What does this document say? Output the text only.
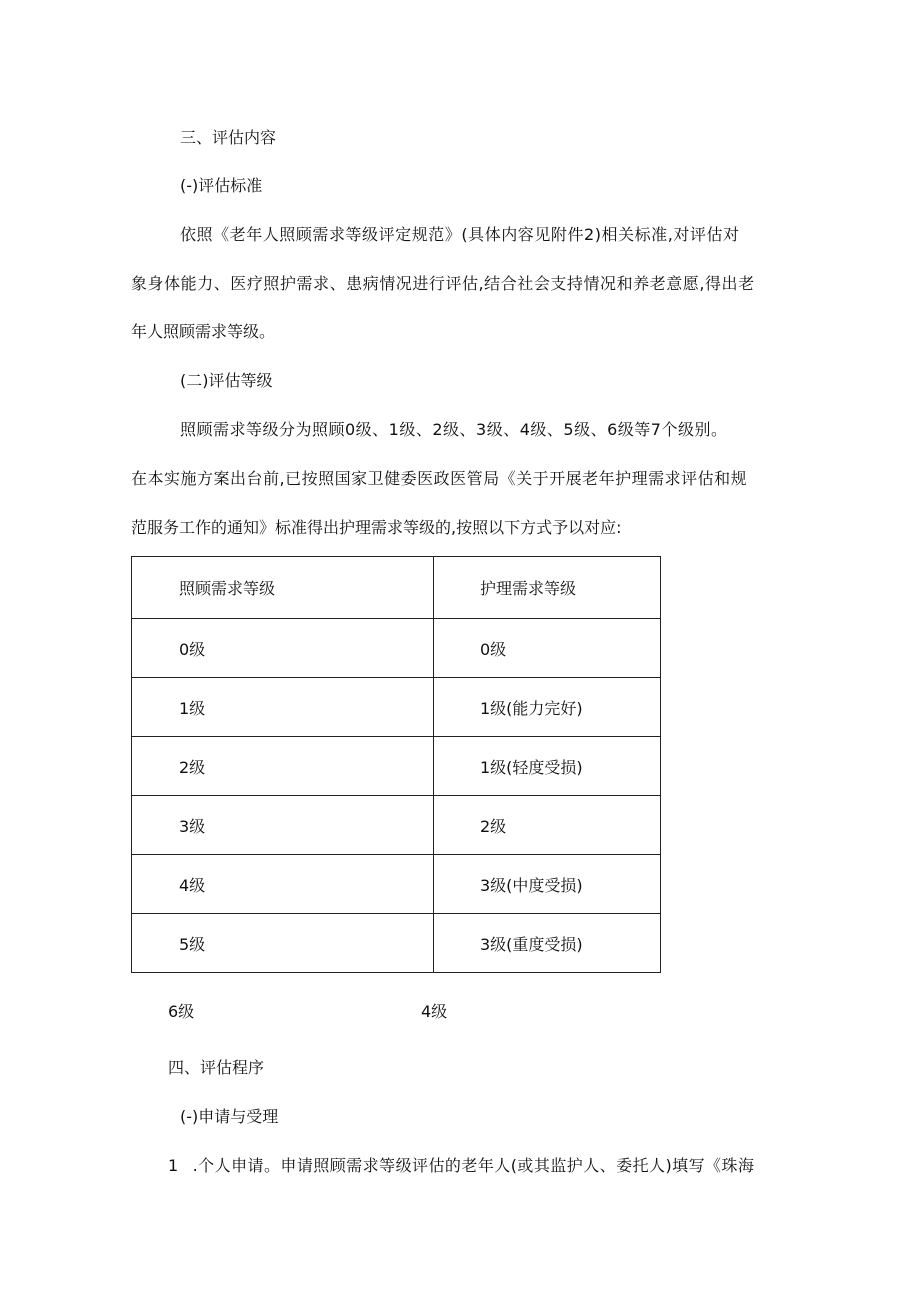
三、评估内容
(-)评估标准
依照《老年人照顾需求等级评定规范》(具体内容见附件2)相关标准,对评估对
象身体能力、医疗照护需求、患病情况进行评估,结合社会支持情况和养老意愿,得出老
年人照顾需求等级。
(二)评估等级
照顾需求等级分为照顾0级、1级、2级、3级、4级、5级、6级等7个级别。
在本实施方案出台前,已按照国家卫健委医政医管局《关于开展老年护理需求评估和规
范服务工作的通知》标准得出护理需求等级的,按照以下方式予以对应:
照顾需求等级	护理需求等级
0级	0级
1级	1级(能力完好)
2级	1级(轻度受损)
3级	2级
4级	3级(中度受损)
5级	3级(重度受损)
6级	4级
四、评估程序
(-)申请与受理
1 .个人申请。申请照顾需求等级评估的老年人(或其监护人、委托人)填写《珠海
